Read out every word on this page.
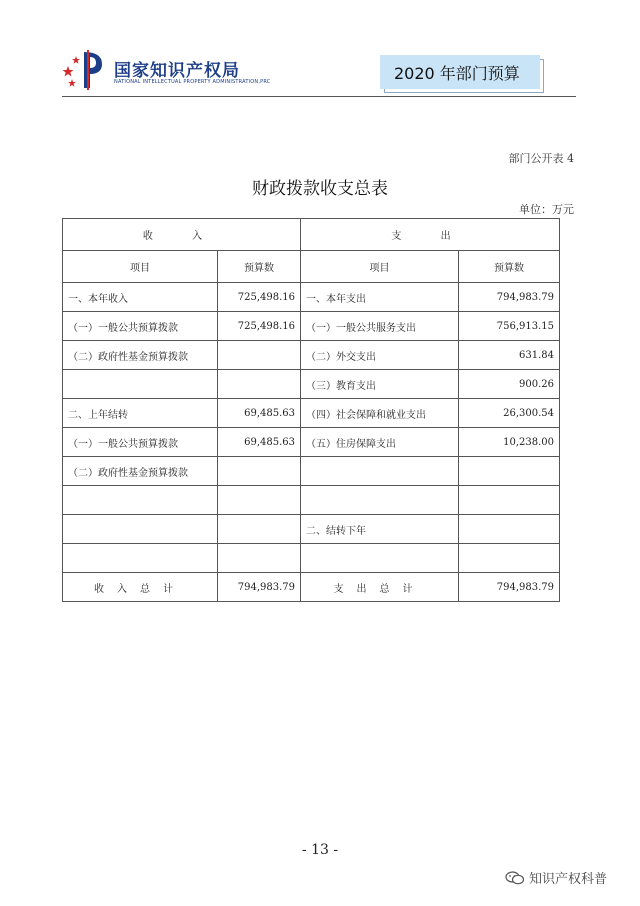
国家知识产权局
NATIONAL INTELLECTUAL PROPERTY ADMINISTRATION,PRC	2020 年部门预算
部门公开表 4
财政拨款收支总表
单位：万元
收 入		支 出	
项目	预算数	项目	预算数
一、本年收入	725,498.16	一、本年支出	794,983.79
（一）一般公共预算拨款	725,498.16	（一）一般公共服务支出	756,913.15
（二）政府性基金预算拨款		（二）外交支出	631.84
		（三）教育支出	900.26
二、上年结转	69,485.63	（四）社会保障和就业支出	26,300.54
（一）一般公共预算拨款	69,485.63	（五）住房保障支出	10,238.00
（二）政府性基金预算拨款			

		二、结转下年	

收入总计	794,983.79	支出总计	794,983.79
- 13 -
知识产权科普
